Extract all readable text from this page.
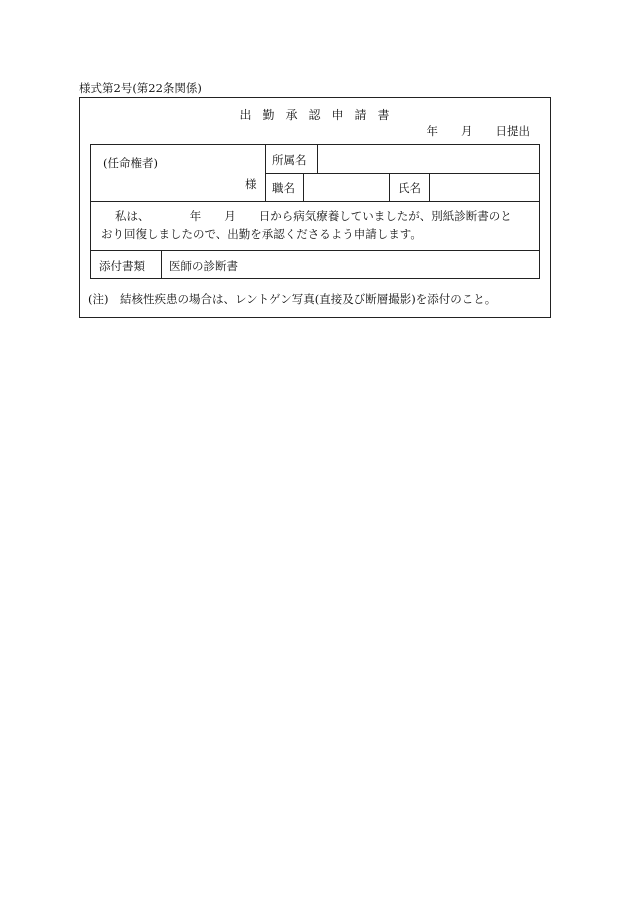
様式第2号(第22条関係)
出勤承認申請書
年　　月　　日提出
(任命権者)
様
所属名
職名	氏名
私は、　　　　年　　月　　日から病気療養していましたが、別紙診断書のと
おり回復しましたので、出勤を承認くださるよう申請します。
添付書類 医師の診断書
(注)　結核性疾患の場合は、レントゲン写真(直接及び断層撮影)を添付のこと。
